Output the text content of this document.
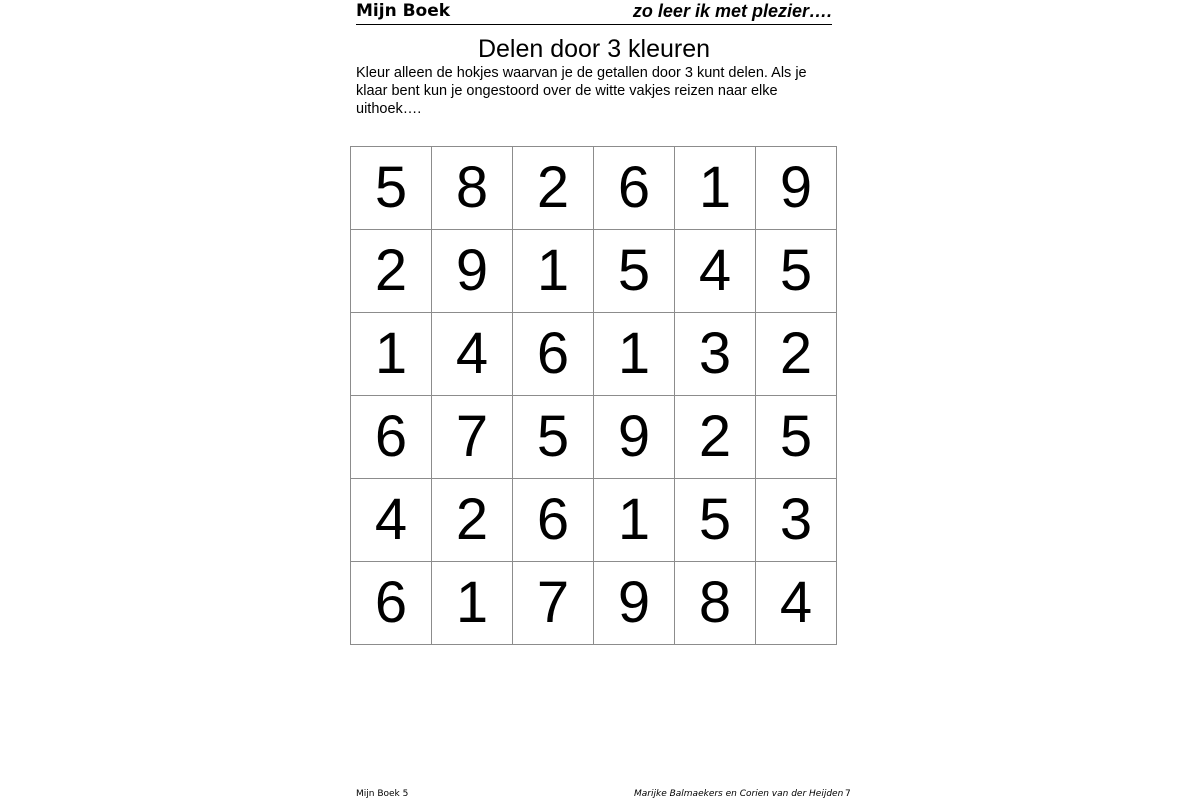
Mijn Boek	zo leer ik met plezier….
Delen door 3 kleuren
Kleur alleen de hokjes waarvan je de getallen door 3 kunt delen. Als je klaar bent kun je ongestoord over de witte vakjes reizen naar elke uithoek….
5	8	2	6	1	9
2	9	1	5	4	5
1	4	6	1	3	2
6	7	5	9	2	5
4	2	6	1	5	3
6	1	7	9	8	4
Mijn Boek 5	Marijke Balmaekers en Corien van der Heijden 7
